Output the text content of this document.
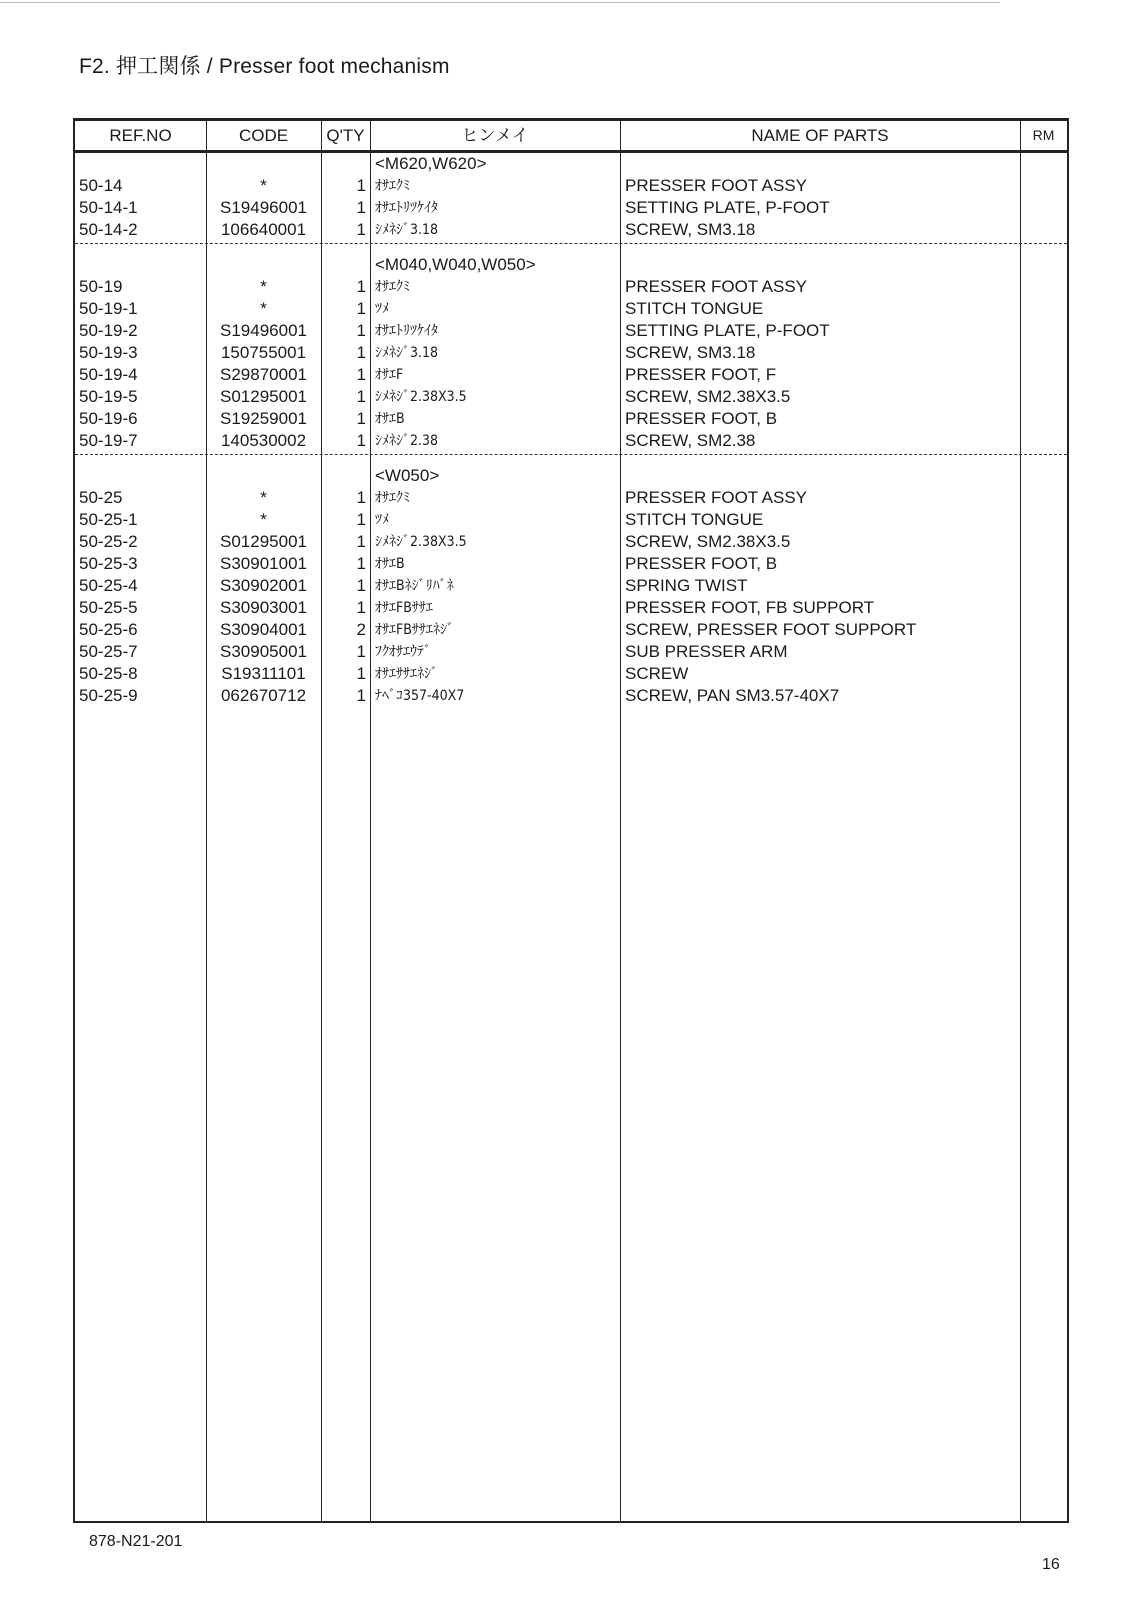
F2. 押工関係 / Presser foot mechanism
REF.NO	CODE	Q'TY	ヒンメイ	NAME OF PARTS	RM
<M620,W620>
50-14	*	1 ｵｻｴｸﾐ	PRESSER FOOT ASSY
50-14-1	S19496001	1 ｵｻｴﾄﾘﾂｹｲﾀ	SETTING PLATE, P-FOOT
50-14-2	106640001	1 ｼﾒﾈｼﾞ3.18	SCREW, SM3.18
<M040,W040,W050>
50-19	*	1 ｵｻｴｸﾐ	PRESSER FOOT ASSY
50-19-1	*	1 ﾂﾒ	STITCH TONGUE
50-19-2	S19496001	1 ｵｻｴﾄﾘﾂｹｲﾀ	SETTING PLATE, P-FOOT
50-19-3	150755001	1 ｼﾒﾈｼﾞ3.18	SCREW, SM3.18
50-19-4	S29870001	1 ｵｻｴF	PRESSER FOOT, F
50-19-5	S01295001	1 ｼﾒﾈｼﾞ2.38X3.5	SCREW, SM2.38X3.5
50-19-6	S19259001	1 ｵｻｴB	PRESSER FOOT, B
50-19-7	140530002	1 ｼﾒﾈｼﾞ2.38	SCREW, SM2.38
<W050>
50-25	*	1 ｵｻｴｸﾐ	PRESSER FOOT ASSY
50-25-1	*	1 ﾂﾒ	STITCH TONGUE
50-25-2	S01295001	1 ｼﾒﾈｼﾞ2.38X3.5	SCREW, SM2.38X3.5
50-25-3	S30901001	1 ｵｻｴB	PRESSER FOOT, B
50-25-4	S30902001	1 ｵｻｴBﾈｼﾞﾘﾊﾞﾈ	SPRING TWIST
50-25-5	S30903001	1 ｵｻｴFBｻｻｴ	PRESSER FOOT, FB SUPPORT
50-25-6	S30904001	2 ｵｻｴFBｻｻｴﾈｼﾞ	SCREW, PRESSER FOOT SUPPORT
50-25-7	S30905001	1 ﾌｸｵｻｴｳﾃﾞ	SUB PRESSER ARM
50-25-8	S19311101	1 ｵｻｴｻｻｴﾈｼﾞ	SCREW
50-25-9	062670712	1 ﾅﾍﾞｺ357-40X7	SCREW, PAN SM3.57-40X7
878-N21-201
16
